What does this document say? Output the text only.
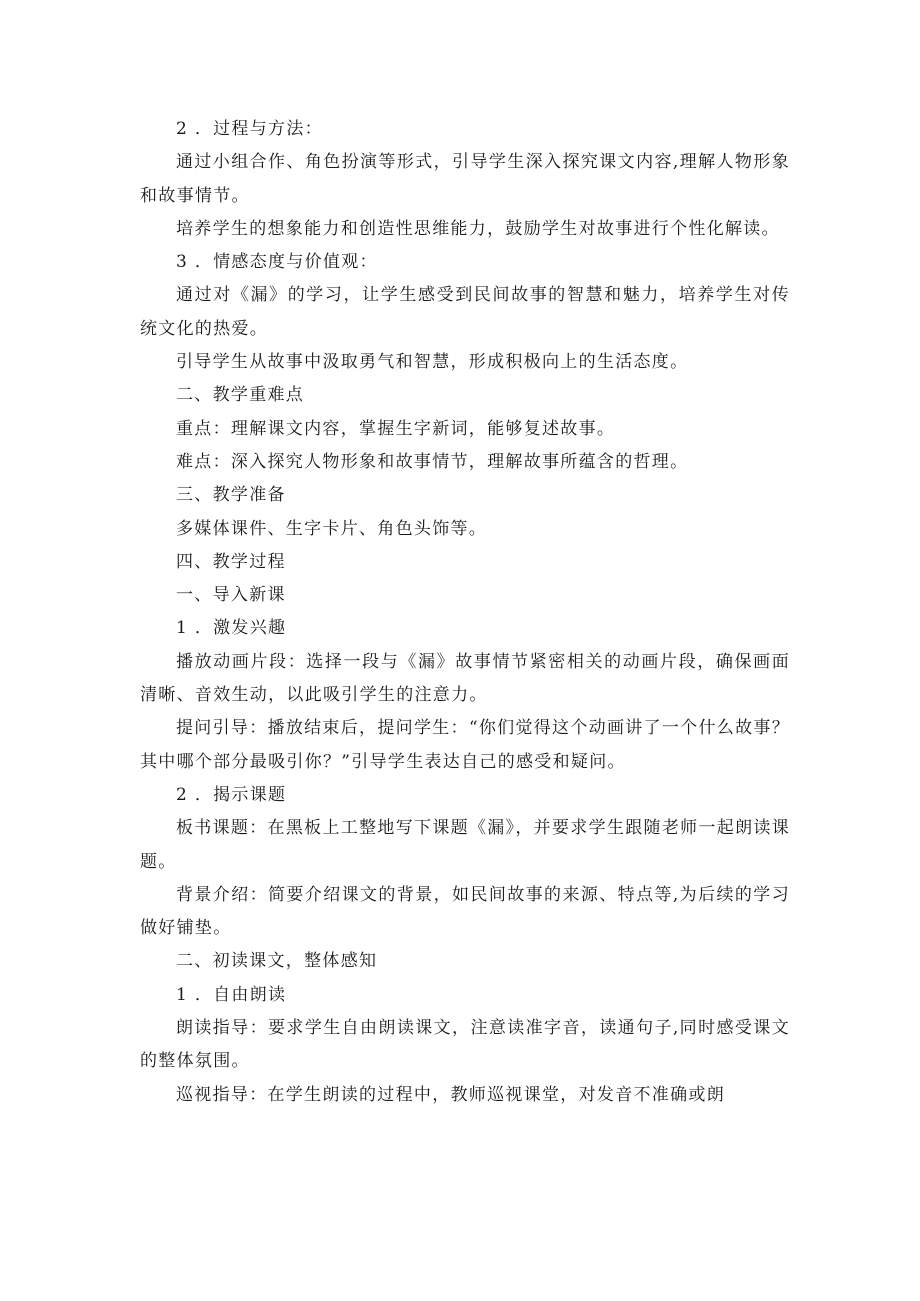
2 ．过程与方法：

通过小组合作、角色扮演等形式，引导学生深入探究课文内容,理解人物形象和故事情节。

培养学生的想象能力和创造性思维能力，鼓励学生对故事进行个性化解读。

3 ．情感态度与价值观：

通过对《漏》的学习，让学生感受到民间故事的智慧和魅力，培养学生对传统文化的热爱。

引导学生从故事中汲取勇气和智慧，形成积极向上的生活态度。

二、教学重难点

重点：理解课文内容，掌握生字新词，能够复述故事。

难点：深入探究人物形象和故事情节，理解故事所蕴含的哲理。

三、教学准备

多媒体课件、生字卡片、角色头饰等。

四、教学过程

一、导入新课

1 ．激发兴趣

播放动画片段：选择一段与《漏》故事情节紧密相关的动画片段，确保画面清晰、音效生动，以此吸引学生的注意力。

提问引导：播放结束后，提问学生：“你们觉得这个动画讲了一个什么故事？其中哪个部分最吸引你？”引导学生表达自己的感受和疑问。

2 ．揭示课题

板书课题：在黑板上工整地写下课题《漏》，并要求学生跟随老师一起朗读课题。

背景介绍：简要介绍课文的背景，如民间故事的来源、特点等,为后续的学习做好铺垫。

二、初读课文，整体感知

1 ．自由朗读

朗读指导：要求学生自由朗读课文，注意读准字音，读通句子,同时感受课文的整体氛围。

巡视指导：在学生朗读的过程中，教师巡视课堂，对发音不准确或朗
